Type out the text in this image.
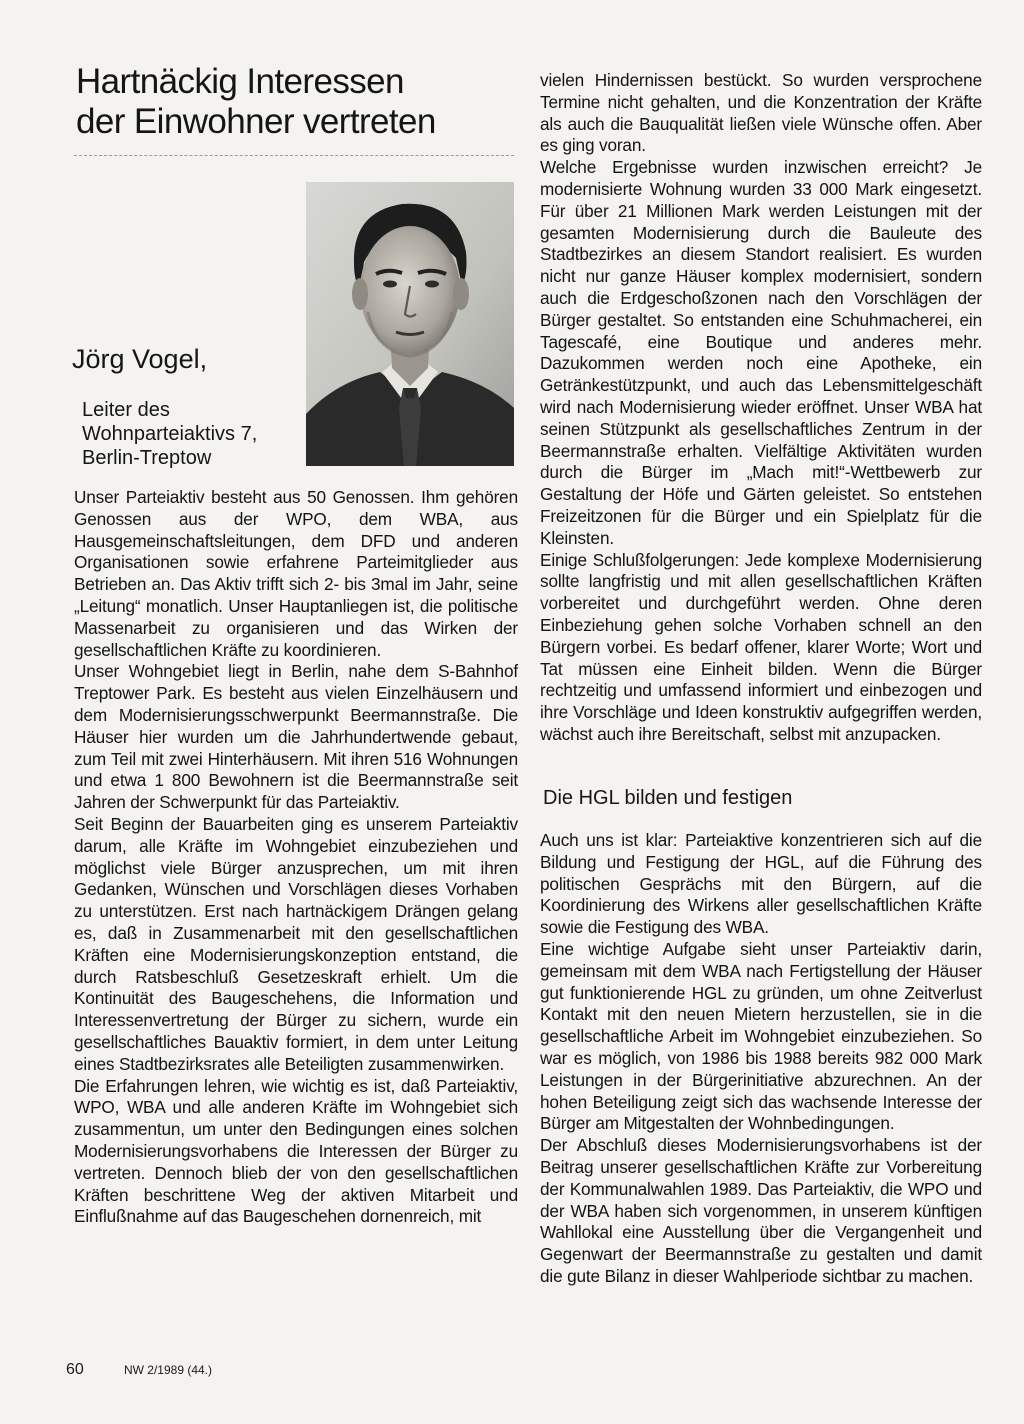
Hartnäckig Interessen
der Einwohner vertreten
Jörg Vogel,
Leiter des
Wohnparteiaktivs 7,
Berlin-Treptow

Unser Parteiaktiv besteht aus 50 Genossen. Ihm gehören Genossen aus der WPO, dem WBA, aus Hausgemeinschaftsleitungen, dem DFD und anderen Organisationen sowie erfahrene Parteimitglieder aus Betrieben an. Das Aktiv trifft sich 2- bis 3mal im Jahr, seine „Leitung“ monatlich. Unser Hauptanliegen ist, die politische Massenarbeit zu organisieren und das Wirken der gesellschaftlichen Kräfte zu koordinieren.

Unser Wohngebiet liegt in Berlin, nahe dem S-Bahnhof Treptower Park. Es besteht aus vielen Einzelhäusern und dem Modernisierungsschwerpunkt Beermannstraße. Die Häuser hier wurden um die Jahrhundertwende gebaut, zum Teil mit zwei Hinterhäusern. Mit ihren 516 Wohnungen und etwa 1 800 Bewohnern ist die Beermannstraße seit Jahren der Schwerpunkt für das Parteiaktiv.

Seit Beginn der Bauarbeiten ging es unserem Parteiaktiv darum, alle Kräfte im Wohngebiet einzubeziehen und möglichst viele Bürger anzusprechen, um mit ihren Gedanken, Wünschen und Vorschlägen dieses Vorhaben zu unterstützen. Erst nach hartnäckigem Drängen gelang es, daß in Zusammenarbeit mit den gesellschaftlichen Kräften eine Modernisierungskonzeption entstand, die durch Ratsbeschluß Gesetzeskraft erhielt. Um die Kontinuität des Baugeschehens, die Information und Interessenvertretung der Bürger zu sichern, wurde ein gesellschaftliches Bauaktiv formiert, in dem unter Leitung eines Stadtbezirksrates alle Beteiligten zusammenwirken.

Die Erfahrungen lehren, wie wichtig es ist, daß Parteiaktiv, WPO, WBA und alle anderen Kräfte im Wohngebiet sich zusammentun, um unter den Bedingungen eines solchen Modernisierungsvorhabens die Interessen der Bürger zu vertreten. Dennoch blieb der von den gesellschaftlichen Kräften beschrittene Weg der aktiven Mitarbeit und Einflußnahme auf das Baugeschehen dornenreich, mit

vielen Hindernissen bestückt. So wurden versprochene Termine nicht gehalten, und die Konzentration der Kräfte als auch die Bauqualität ließen viele Wünsche offen. Aber es ging voran.

Welche Ergebnisse wurden inzwischen erreicht? Je modernisierte Wohnung wurden 33 000 Mark eingesetzt. Für über 21 Millionen Mark werden Leistungen mit der gesamten Modernisierung durch die Bauleute des Stadtbezirkes an diesem Standort realisiert. Es wurden nicht nur ganze Häuser komplex modernisiert, sondern auch die Erdgeschoßzonen nach den Vorschlägen der Bürger gestaltet. So entstanden eine Schuhmacherei, ein Tagescafé, eine Boutique und anderes mehr. Dazukommen werden noch eine Apotheke, ein Getränkestützpunkt, und auch das Lebensmittelgeschäft wird nach Modernisierung wieder eröffnet. Unser WBA hat seinen Stützpunkt als gesellschaftliches Zentrum in der Beermannstraße erhalten. Vielfältige Aktivitäten wurden durch die Bürger im „Mach mit!“-Wettbewerb zur Gestaltung der Höfe und Gärten geleistet. So entstehen Freizeitzonen für die Bürger und ein Spielplatz für die Kleinsten.

Einige Schlußfolgerungen: Jede komplexe Modernisierung sollte langfristig und mit allen gesellschaftlichen Kräften vorbereitet und durchgeführt werden. Ohne deren Einbeziehung gehen solche Vorhaben schnell an den Bürgern vorbei. Es bedarf offener, klarer Worte; Wort und Tat müssen eine Einheit bilden. Wenn die Bürger rechtzeitig und umfassend informiert und einbezogen und ihre Vorschläge und Ideen konstruktiv aufgegriffen werden, wächst auch ihre Bereitschaft, selbst mit anzupacken.

Die HGL bilden und festigen

Auch uns ist klar: Parteiaktive konzentrieren sich auf die Bildung und Festigung der HGL, auf die Führung des politischen Gesprächs mit den Bürgern, auf die Koordinierung des Wirkens aller gesellschaftlichen Kräfte sowie die Festigung des WBA.

Eine wichtige Aufgabe sieht unser Parteiaktiv darin, gemeinsam mit dem WBA nach Fertigstellung der Häuser gut funktionierende HGL zu gründen, um ohne Zeitverlust Kontakt mit den neuen Mietern herzustellen, sie in die gesellschaftliche Arbeit im Wohngebiet einzubeziehen. So war es möglich, von 1986 bis 1988 bereits 982 000 Mark Leistungen in der Bürgerinitiative abzurechnen. An der hohen Beteiligung zeigt sich das wachsende Interesse der Bürger am Mitgestalten der Wohnbedingungen.

Der Abschluß dieses Modernisierungsvorhabens ist der Beitrag unserer gesellschaftlichen Kräfte zur Vorbereitung der Kommunalwahlen 1989. Das Parteiaktiv, die WPO und der WBA haben sich vorgenommen, in unserem künftigen Wahllokal eine Ausstellung über die Vergangenheit und Gegenwart der Beermannstraße zu gestalten und damit die gute Bilanz in dieser Wahlperiode sichtbar zu machen.

60	NW 2/1989 (44.)
